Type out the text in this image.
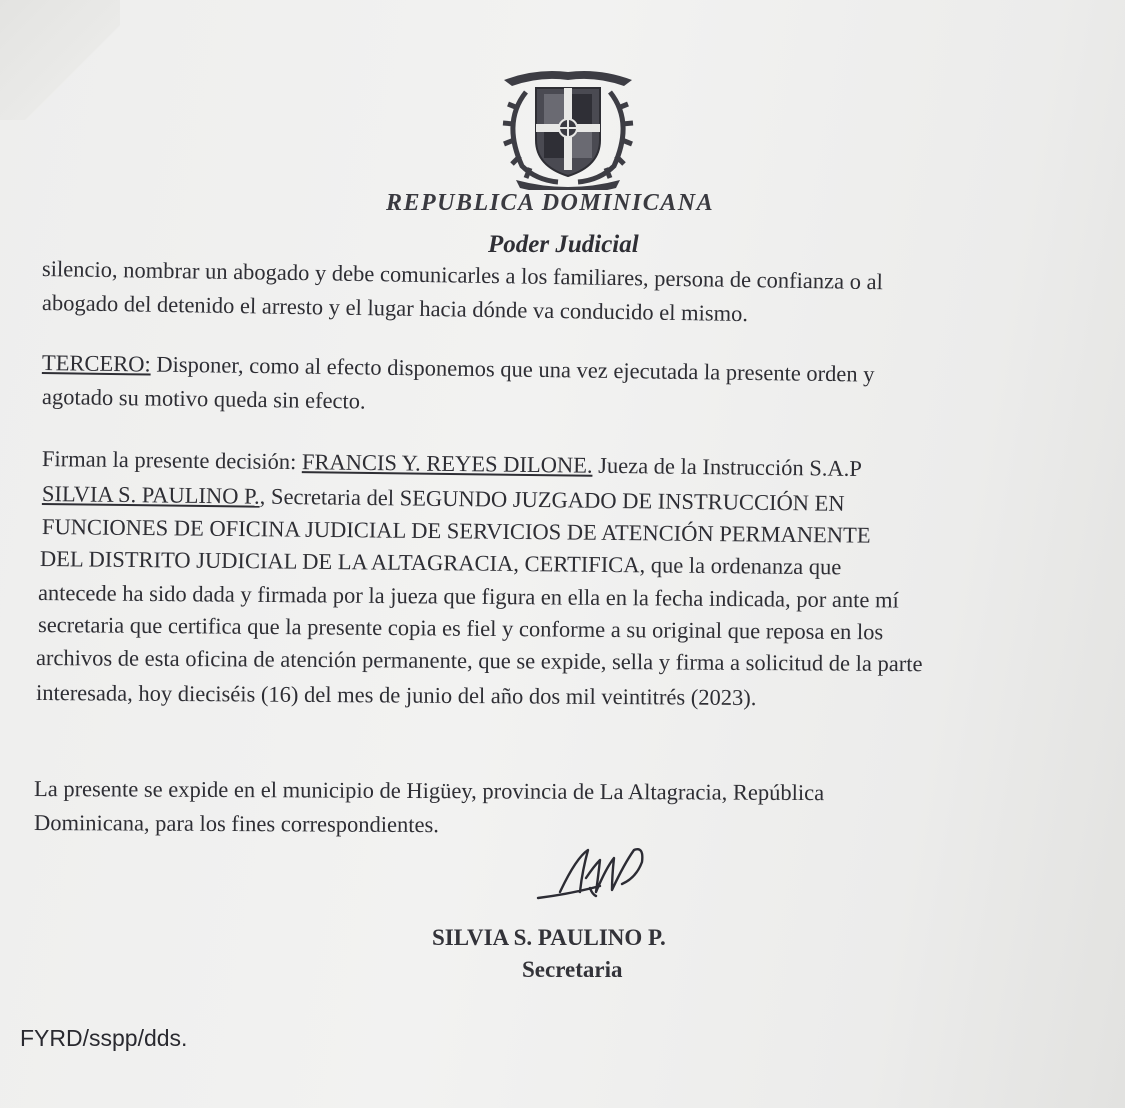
REPUBLICA DOMINICANA
Poder Judicial
silencio, nombrar un abogado y debe comunicarles a los familiares, persona de confianza o al
abogado del detenido el arresto y el lugar hacia dónde va conducido el mismo.
TERCERO: Disponer, como al efecto disponemos que una vez ejecutada la presente orden y
agotado su motivo queda sin efecto.
Firman la presente decisión: FRANCIS Y. REYES DILONE. Jueza de la Instrucción S.A.P
SILVIA S. PAULINO P., Secretaria del SEGUNDO JUZGADO DE INSTRUCCIÓN EN
FUNCIONES DE OFICINA JUDICIAL DE SERVICIOS DE ATENCIÓN PERMANENTE
DEL DISTRITO JUDICIAL DE LA ALTAGRACIA, CERTIFICA, que la ordenanza que
antecede ha sido dada y firmada por la jueza que figura en ella en la fecha indicada, por ante mí
secretaria que certifica que la presente copia es fiel y conforme a su original que reposa en los
archivos de esta oficina de atención permanente, que se expide, sella y firma a solicitud de la parte
interesada, hoy dieciséis (16) del mes de junio del año dos mil veintitrés (2023).
La presente se expide en el municipio de Higüey, provincia de La Altagracia, República
Dominicana, para los fines correspondientes.
SILVIA S. PAULINO P.
Secretaria
FYRD/sspp/dds.
